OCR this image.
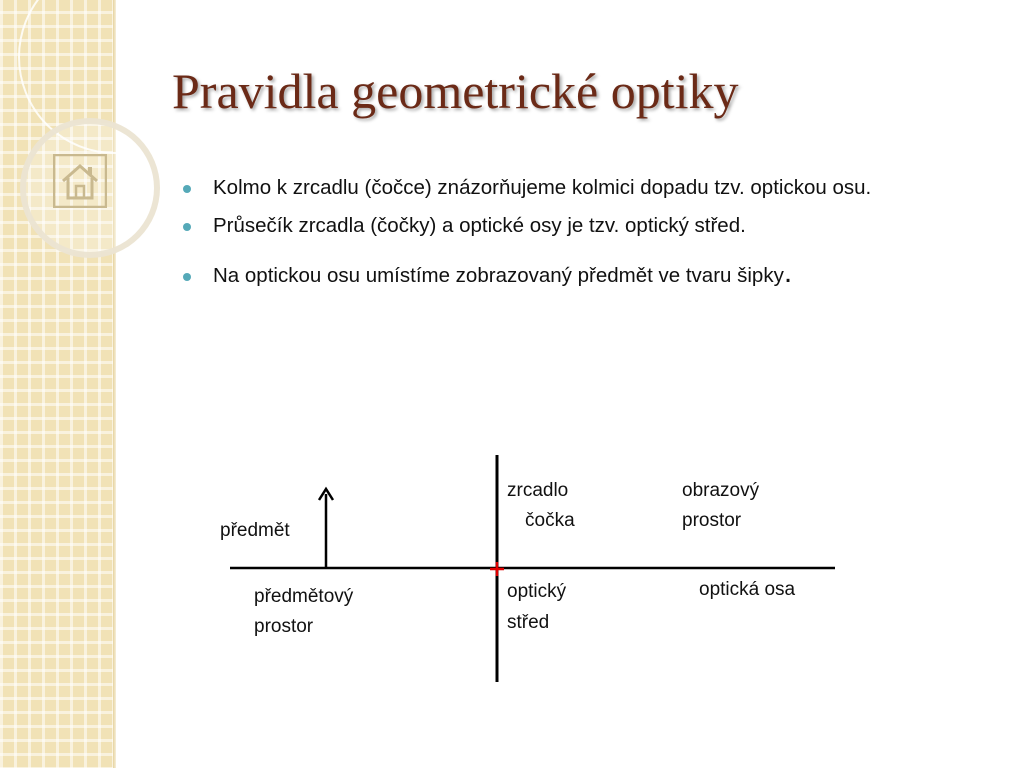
Pravidla geometrické optiky
Kolmo k zrcadlu (čočce) znázorňujeme kolmici dopadu tzv. optickou osu.
Průsečík zrcadla (čočky) a optické osy je tzv. optický střed.
Na optickou osu umístíme zobrazovaný předmět ve tvaru šipky.
předmět
předmětový
prostor
zrcadlo
čočka
obrazový
prostor
optický
střed
optická osa
